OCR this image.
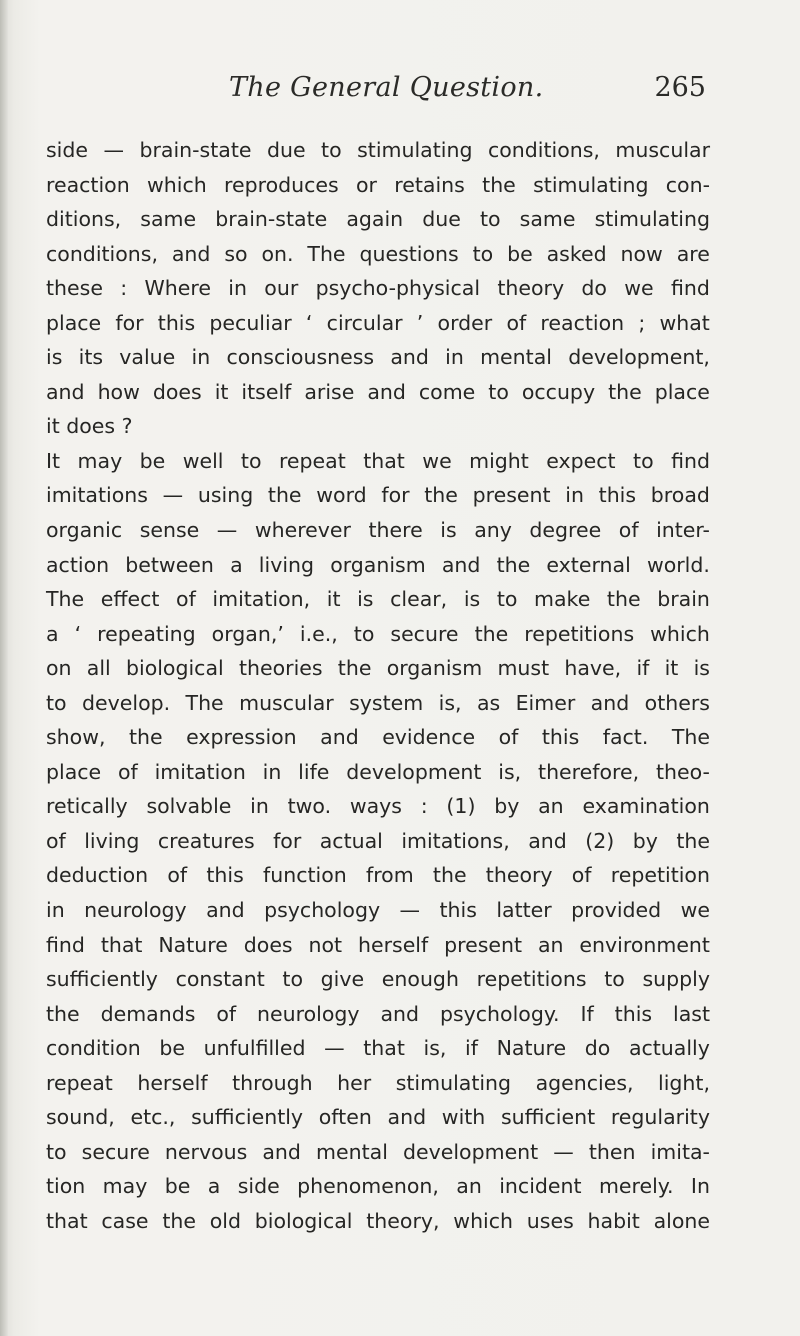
The General Question.	265
side — brain-state due to stimulating conditions, muscular
reaction which reproduces or retains the stimulating con-
ditions, same brain-state again due to same stimulating
conditions, and so on. The questions to be asked now are
these : Where in our psycho-physical theory do we find
place for this peculiar ‘ circular ’ order of reaction ; what
is its value in consciousness and in mental development,
and how does it itself arise and come to occupy the place
it does ?
It may be well to repeat that we might expect to find
imitations — using the word for the present in this broad
organic sense — wherever there is any degree of inter-
action between a living organism and the external world.
The effect of imitation, it is clear, is to make the brain
a ‘ repeating organ,’ i.e., to secure the repetitions which
on all biological theories the organism must have, if it is
to develop. The muscular system is, as Eimer and others
show, the expression and evidence of this fact. The
place of imitation in life development is, therefore, theo-
retically solvable in two. ways : (1) by an examination
of living creatures for actual imitations, and (2) by the
deduction of this function from the theory of repetition
in neurology and psychology — this latter provided we
find that Nature does not herself present an environment
sufficiently constant to give enough repetitions to supply
the demands of neurology and psychology. If this last
condition be unfulfilled — that is, if Nature do actually
repeat herself through her stimulating agencies, light,
sound, etc., sufficiently often and with sufficient regularity
to secure nervous and mental development — then imita-
tion may be a side phenomenon, an incident merely. In
that case the old biological theory, which uses habit alone
